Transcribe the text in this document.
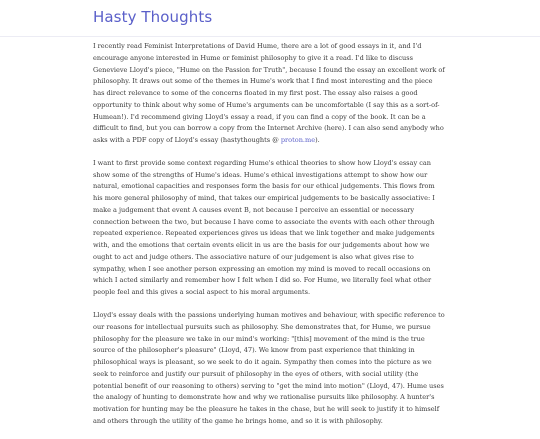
Hasty Thoughts

I recently read Feminist Interpretations of David Hume, there are a lot of good essays in it, and I'd encourage anyone interested in Hume or feminist philosophy to give it a read. I'd like to discuss Genevieve Lloyd's piece, "Hume on the Passion for Truth", because I found the essay an excellent work of philosophy. It draws out some of the themes in Hume's work that I find most interesting and the piece has direct relevance to some of the concerns floated in my first post. The essay also raises a good opportunity to think about why some of Hume's arguments can be uncomfortable (I say this as a sort-of-Humean!). I'd recommend giving Lloyd's essay a read, if you can find a copy of the book. It can be a difficult to find, but you can borrow a copy from the Internet Archive (here). I can also send anybody who asks with a PDF copy of Lloyd's essay (hastythoughts @ proton.me).

I want to first provide some context regarding Hume's ethical theories to show how Lloyd's essay can show some of the strengths of Hume's ideas. Hume's ethical investigations attempt to show how our natural, emotional capacities and responses form the basis for our ethical judgements. This flows from his more general philosophy of mind, that takes our empirical judgements to be basically associative: I make a judgement that event A causes event B, not because I perceive an essential or necessary connection between the two, but because I have come to associate the events with each other through repeated experience. Repeated experiences gives us ideas that we link together and make judgements with, and the emotions that certain events elicit in us are the basis for our judgements about how we ought to act and judge others. The associative nature of our judgement is also what gives rise to sympathy, when I see another person expressing an emotion my mind is moved to recall occasions on which I acted similarly and remember how I felt when I did so. For Hume, we literally feel what other people feel and this gives a social aspect to his moral arguments.

Lloyd's essay deals with the passions underlying human motives and behaviour, with specific reference to our reasons for intellectual pursuits such as philosophy. She demonstrates that, for Hume, we pursue philosophy for the pleasure we take in our mind's working: "[this] movement of the mind is the true source of the philosopher's pleasure" (Lloyd, 47). We know from past experience that thinking in philosophical ways is pleasant, so we seek to do it again. Sympathy then comes into the picture as we seek to reinforce and justify our pursuit of philosophy in the eyes of others, with social utility (the potential benefit of our reasoning to others) serving to "get the mind into motion" (Lloyd, 47). Hume uses the analogy of hunting to demonstrate how and why we rationalise pursuits like philosophy. A hunter's motivation for hunting may be the pleasure he takes in the chase, but he will seek to justify it to himself and others through the utility of the game he brings home, and so it is with philosophy.
